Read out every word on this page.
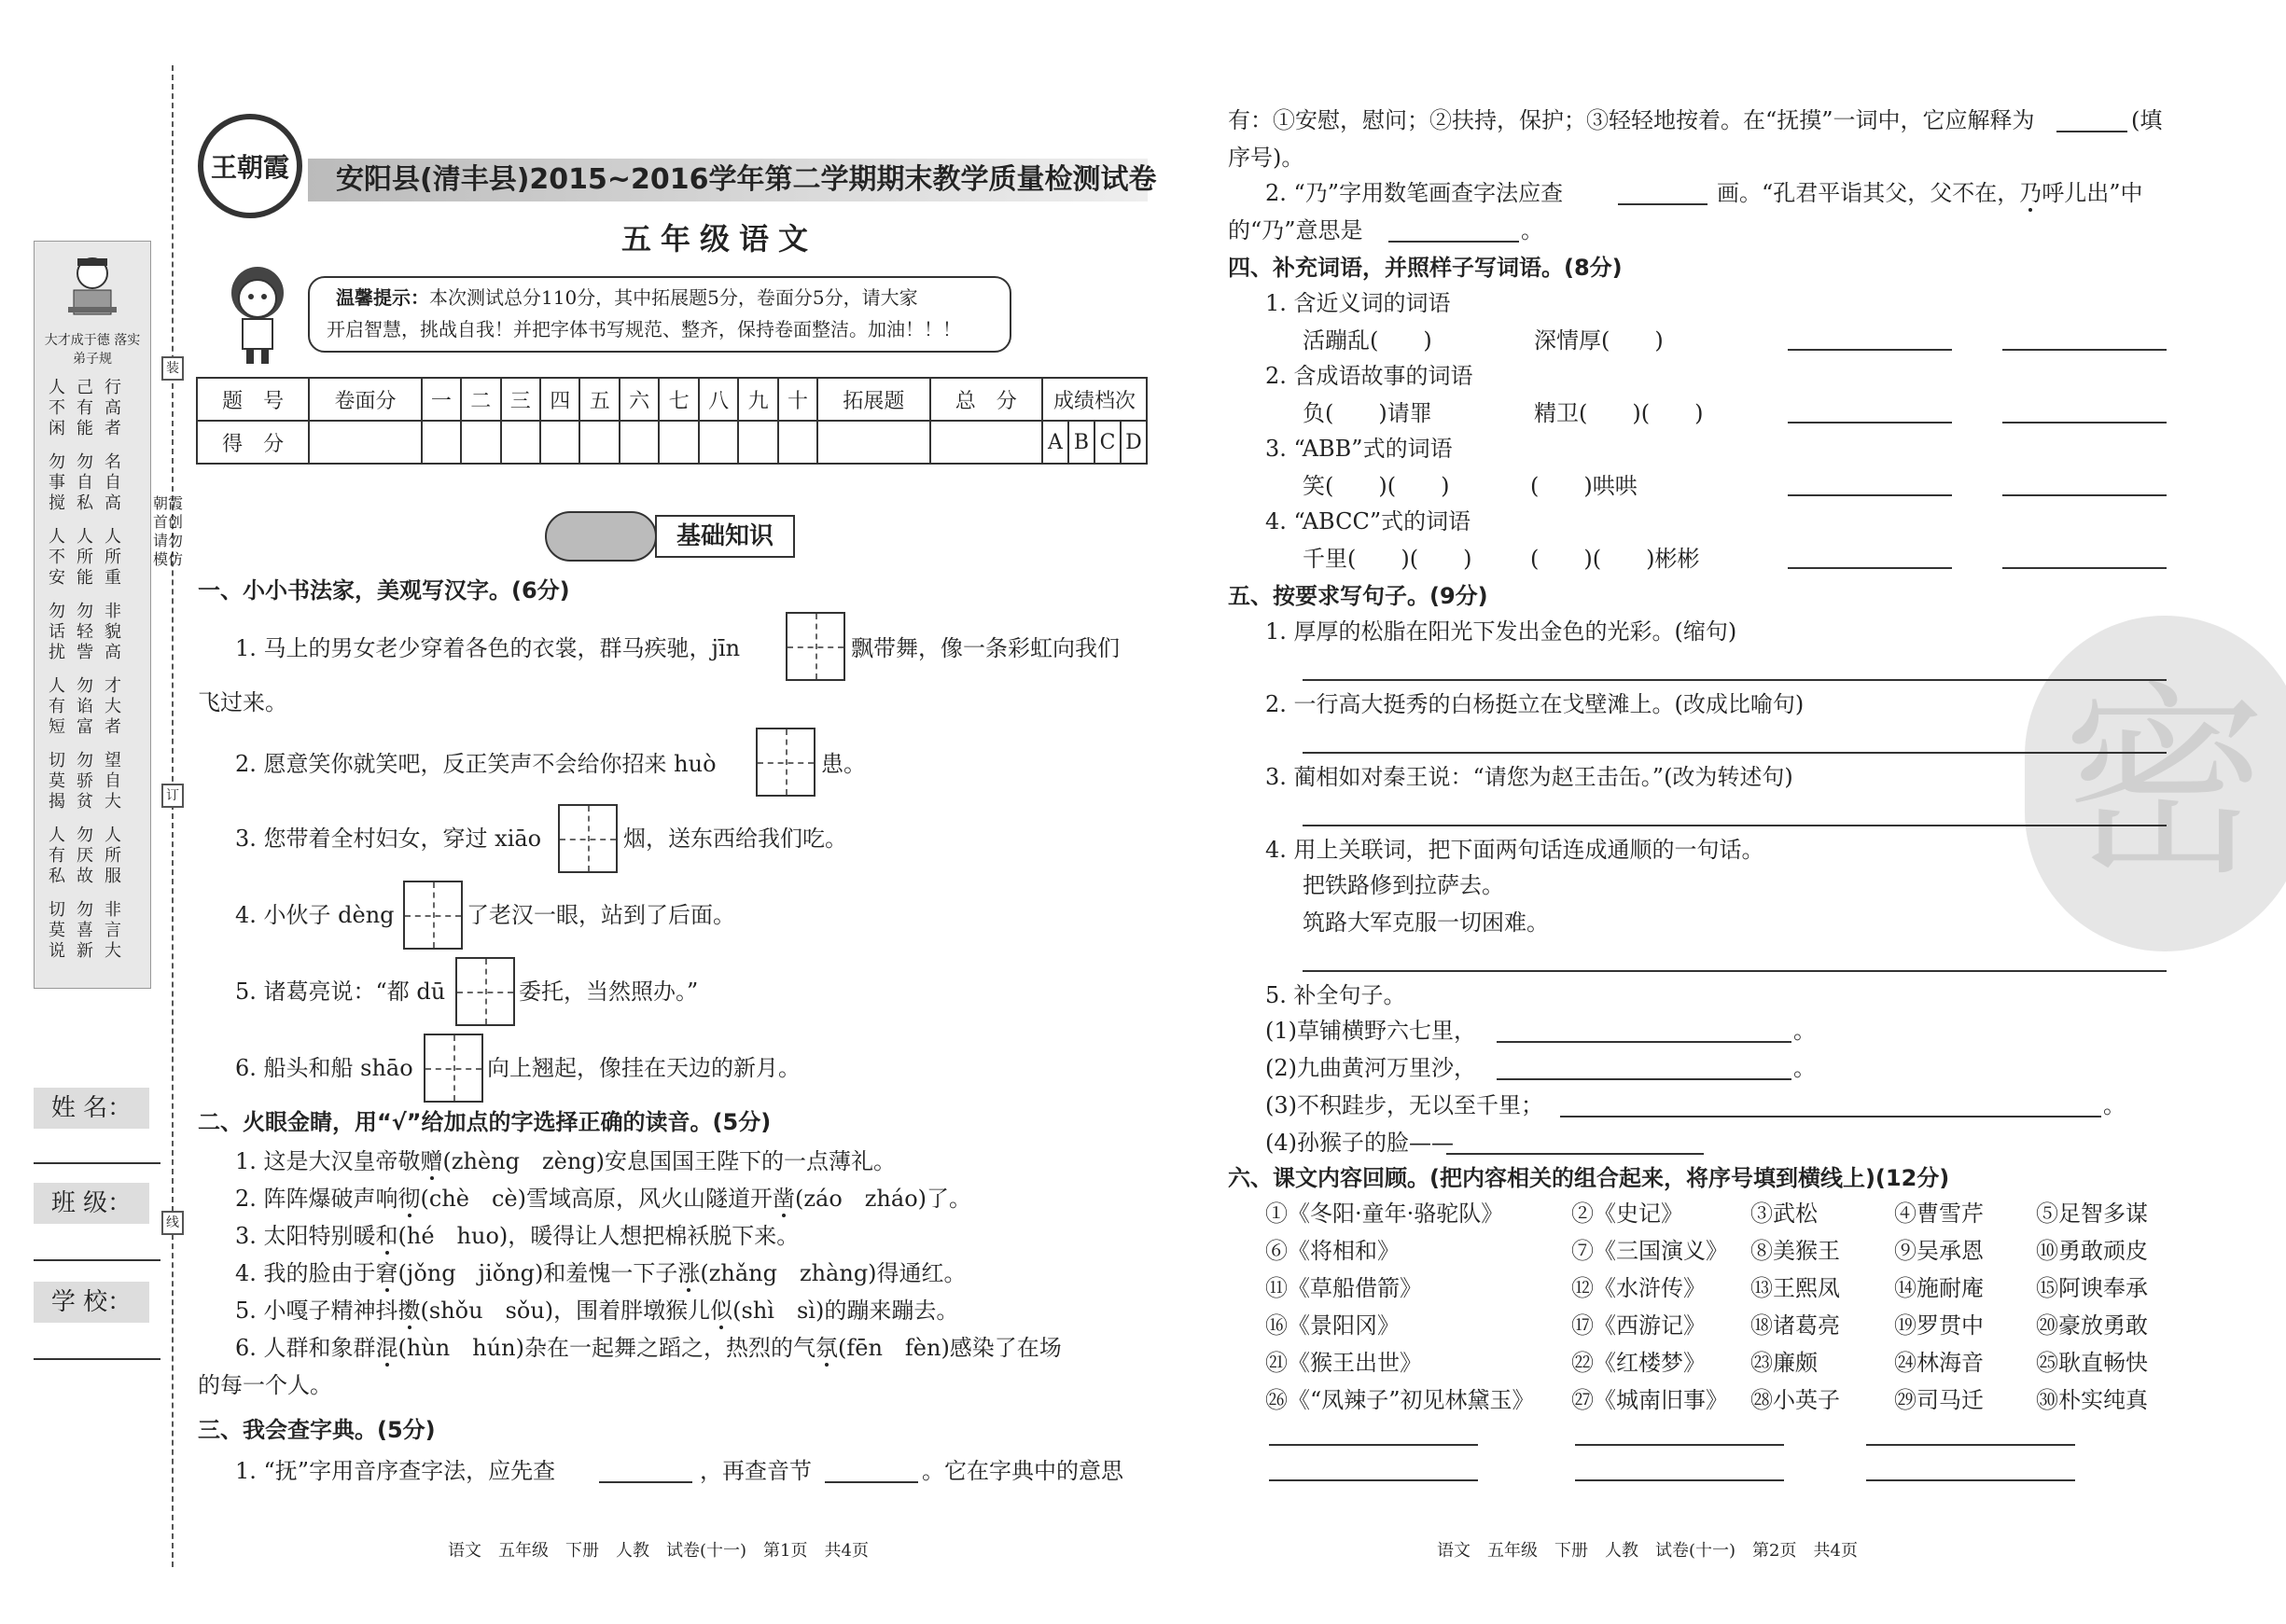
装
订
线
朝霞首创 请勿模仿
大才成于德 落实弟子规
人不闲
己有能
行高者
勿事搅
勿自私
名自高
人不安
人所能
人所重
勿话扰
勿轻訾
非貌高
人有短
勿谄富
才大者
切莫揭
勿骄贫
望自大
人有私
勿厌故
人所服
切莫说
勿喜新
非言大
姓 名：
班 级：
学 校：
王朝霞 安阳县(清丰县)2015~2016学年第二学期期末教学质量检测试卷
五年级语文
温馨提示：本次测试总分110分，其中拓展题5分，卷面分5分，请大家
开启智慧，挑战自我！并把字体书写规范、整齐，保持卷面整洁。加油！！！
题　号	卷面分	一	二	三	四	五	六	七	八	九	十	拓展题	总　分	成绩档次			
得　分														A	B	C	D
基础知识
一、小小书法家，美观写汉字。(6分)
1. 马上的男女老少穿着各色的衣裳，群马疾驰，jīn	飘带舞，像一条彩虹向我们
飞过来。
2. 愿意笑你就笑吧，反正笑声不会给你招来 huò	患。
3. 您带着全村妇女，穿过 xiāo	烟，送东西给我们吃。
4. 小伙子 dèng	了老汉一眼，站到了后面。
5. 诸葛亮说：“都 dū	委托，当然照办。”
6. 船头和船 shāo	向上翘起，像挂在天边的新月。
二、火眼金睛，用“√”给加点的字选择正确的读音。(5分)
1. 这是大汉皇帝敬赠(zhèng　zèng)安息国国王陛下的一点薄礼。
2. 阵阵爆破声响彻(chè　cè)雪域高原，风火山隧道开凿(záo　zháo)了。
3. 太阳特别暖和(hé　huo)，暖得让人想把棉袄脱下来。
4. 我的脸由于窘(jǒng　jiǒng)和羞愧一下子涨(zhǎng　zhàng)得通红。
5. 小嘎子精神抖擞(shǒu　sǒu)，围着胖墩猴儿似(shì　sì)的蹦来蹦去。
6. 人群和象群混(hùn　hún)杂在一起舞之蹈之，热烈的气氛(fēn　fèn)感染了在场
的每一个人。
三、我会查字典。(5分)
1. “抚”字用音序查字法，应先查	，再查音节	。它在字典中的意思
语文　五年级　下册　人教　试卷(十一)　第1页　共4页
密
有：①安慰，慰问；②扶持，保护；③轻轻地按着。在“抚摸”一词中，它应解释为	(填
序号)。
2. “乃”字用数笔画查字法应查	画。“孔君平诣其父，父不在，乃呼儿出”中
的“乃”意思是	。
四、补充词语，并照样子写词语。(8分)
1. 含近义词的词语
活蹦乱(　　)	深情厚(　　)
2. 含成语故事的词语
负(　　)请罪	精卫(　　)(　　)
3. “ABB”式的词语
笑(　　)(　　)	(　　)哄哄
4. “ABCC”式的词语
千里(　　)(　　)	(　　)(　　)彬彬
五、按要求写句子。(9分)
1. 厚厚的松脂在阳光下发出金色的光彩。(缩句)
2. 一行高大挺秀的白杨挺立在戈壁滩上。(改成比喻句)
3. 蔺相如对秦王说：“请您为赵王击缶。”(改为转述句)
4. 用上关联词，把下面两句话连成通顺的一句话。
把铁路修到拉萨去。
筑路大军克服一切困难。
5. 补全句子。
(1)草铺横野六七里，	。
(2)九曲黄河万里沙，	。
(3)不积跬步，无以至千里；	。
(4)孙猴子的脸——
六、课文内容回顾。(把内容相关的组合起来，将序号填到横线上)(12分)
①《冬阳·童年·骆驼队》	②《史记》	③武松	④曹雪芹 ⑤足智多谋
⑥《将相和》	⑦《三国演义》 ⑧美猴王 ⑨吴承恩 ⑩勇敢顽皮
⑪《草船借箭》	⑫《水浒传》 ⑬王熙凤 ⑭施耐庵 ⑮阿谀奉承
⑯《景阳冈》	⑰《西游记》 ⑱诸葛亮 ⑲罗贯中 ⑳豪放勇敢
㉑《猴王出世》	㉒《红楼梦》 ㉓廉颇	㉔林海音 ㉕耿直畅快
㉖《“凤辣子”初见林黛玉》 ㉗《城南旧事》 ㉘小英子 ㉙司马迁 ㉚朴实纯真
语文　五年级　下册　人教　试卷(十一)　第2页　共4页
